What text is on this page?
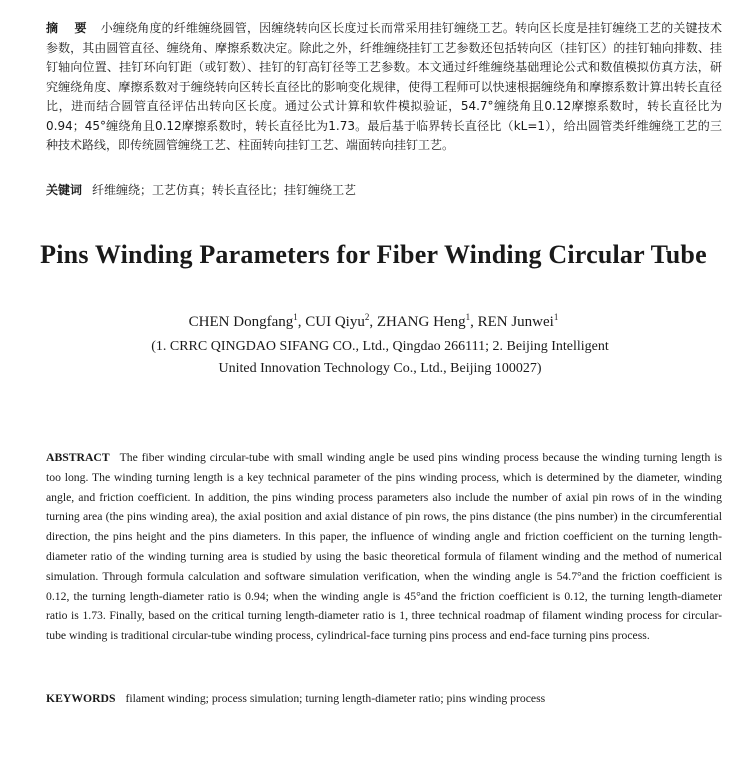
摘 要 小缠绕角度的纤维缠绕圆管，因缠绕转向区长度过长而常采用挂钉缠绕工艺。转向区长度是挂钉缠绕工艺的关键技术参数，其由圆管直径、缠绕角、摩擦系数决定。除此之外，纤维缠绕挂钉工艺参数还包括转向区（挂钉区）的挂钉轴向排数、挂钉轴向位置、挂钉环向钉距（或钉数）、挂钉的钉高钉径等工艺参数。本文通过纤维缠绕基础理论公式和数值模拟仿真方法，研究缠绕角度、摩擦系数对于缠绕转向区转长直径比的影响变化规律，使得工程师可以快速根据缠绕角和摩擦系数计算出转长直径比，进而结合圆管直径评估出转向区长度。通过公式计算和软件模拟验证，54.7°缠绕角且0.12摩擦系数时，转长直径比为0.94；45°缠绕角且0.12摩擦系数时，转长直径比为1.73。最后基于临界转长直径比（kL=1），给出圆管类纤维缠绕工艺的三种技术路线，即传统圆管缠绕工艺、柱面转向挂钉工艺、端面转向挂钉工艺。
关键词 纤维缠绕；工艺仿真；转长直径比；挂钉缠绕工艺
Pins Winding Parameters for Fiber Winding Circular Tube
CHEN Dongfang$^1$, CUI Qiyu$^2$, ZHANG Heng$^1$, REN Junwei$^1$
(1. CRRC QINGDAO SIFANG CO., Ltd., Qingdao 266111; 2. Beijing Intelligent
United Innovation Technology Co., Ltd., Beijing 100027)
ABSTRACT The fiber winding circular-tube with small winding angle be used pins winding process because the winding turning length is too long. The winding turning length is a key technical parameter of the pins winding process, which is determined by the diameter, winding angle, and friction coefficient. In addition, the pins winding process parameters also include the number of axial pin rows of in the winding turning area (the pins winding area), the axial position and axial distance of pin rows, the pins distance (the pins number) in the circumferential direction, the pins height and the pins diameters. In this paper, the influence of winding angle and friction coefficient on the turning length-diameter ratio of the winding turning area is studied by using the basic theoretical formula of filament winding and the method of numerical simulation. Through formula calculation and software simulation verification, when the winding angle is 54.7°and the friction coefficient is 0.12, the turning length-diameter ratio is 0.94; when the winding angle is 45°and the friction coefficient is 0.12, the turning length-diameter ratio is 1.73. Finally, based on the critical turning length-diameter ratio is 1, three technical roadmap of filament winding process for circular-tube winding is traditional circular-tube winding process, cylindrical-face turning pins process and end-face turning pins process.
KEYWORDS filament winding; process simulation; turning length-diameter ratio; pins winding process
